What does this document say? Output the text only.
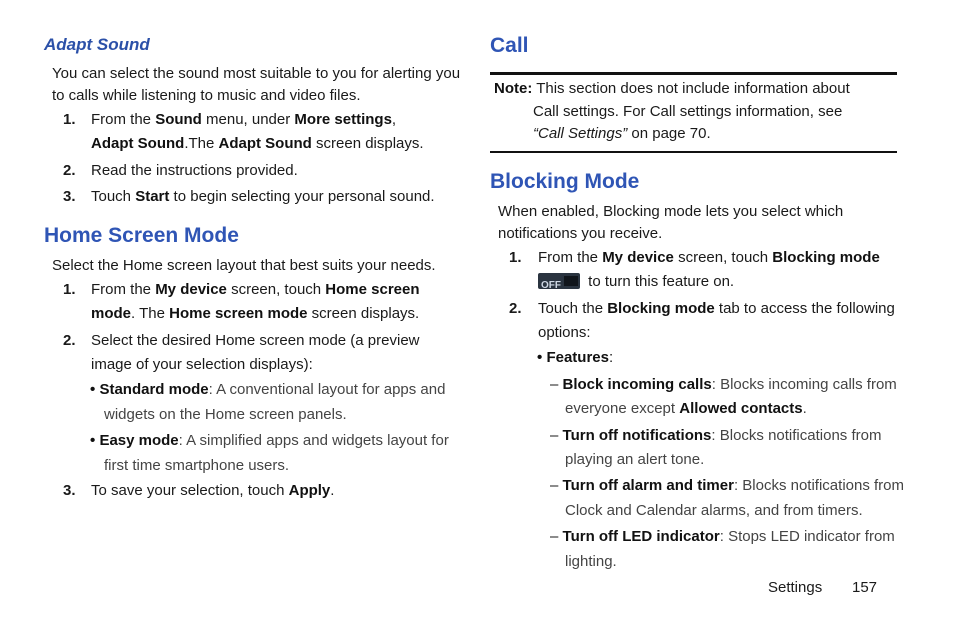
Adapt Sound
You can select the sound most suitable to you for alerting you
to calls while listening to music and video files.
1. From the Sound menu, under More settings,
Adapt Sound.The Adapt Sound screen displays.
2. Read the instructions provided.
3. Touch Start to begin selecting your personal sound.
Home Screen Mode
Select the Home screen layout that best suits your needs.
1. From the My device screen, touch Home screen
mode. The Home screen mode screen displays.
2. Select the desired Home screen mode (a preview
image of your selection displays):
• Standard mode: A conventional layout for apps and
widgets on the Home screen panels.
• Easy mode: A simplified apps and widgets layout for
first time smartphone users.
3. To save your selection, touch Apply.
Call
Note: This section does not include information about
Call settings. For Call settings information, see
“Call Settings” on page 70.
Blocking Mode
When enabled, Blocking mode lets you select which
notifications you receive.
1. From the My device screen, touch Blocking mode
OFF to turn this feature on.
2. Touch the Blocking mode tab to access the following
options:
• Features:
– Block incoming calls: Blocks incoming calls from
everyone except Allowed contacts.
– Turn off notifications: Blocks notifications from
playing an alert tone.
– Turn off alarm and timer: Blocks notifications from
Clock and Calendar alarms, and from timers.
– Turn off LED indicator: Stops LED indicator from
lighting.
Settings 157
